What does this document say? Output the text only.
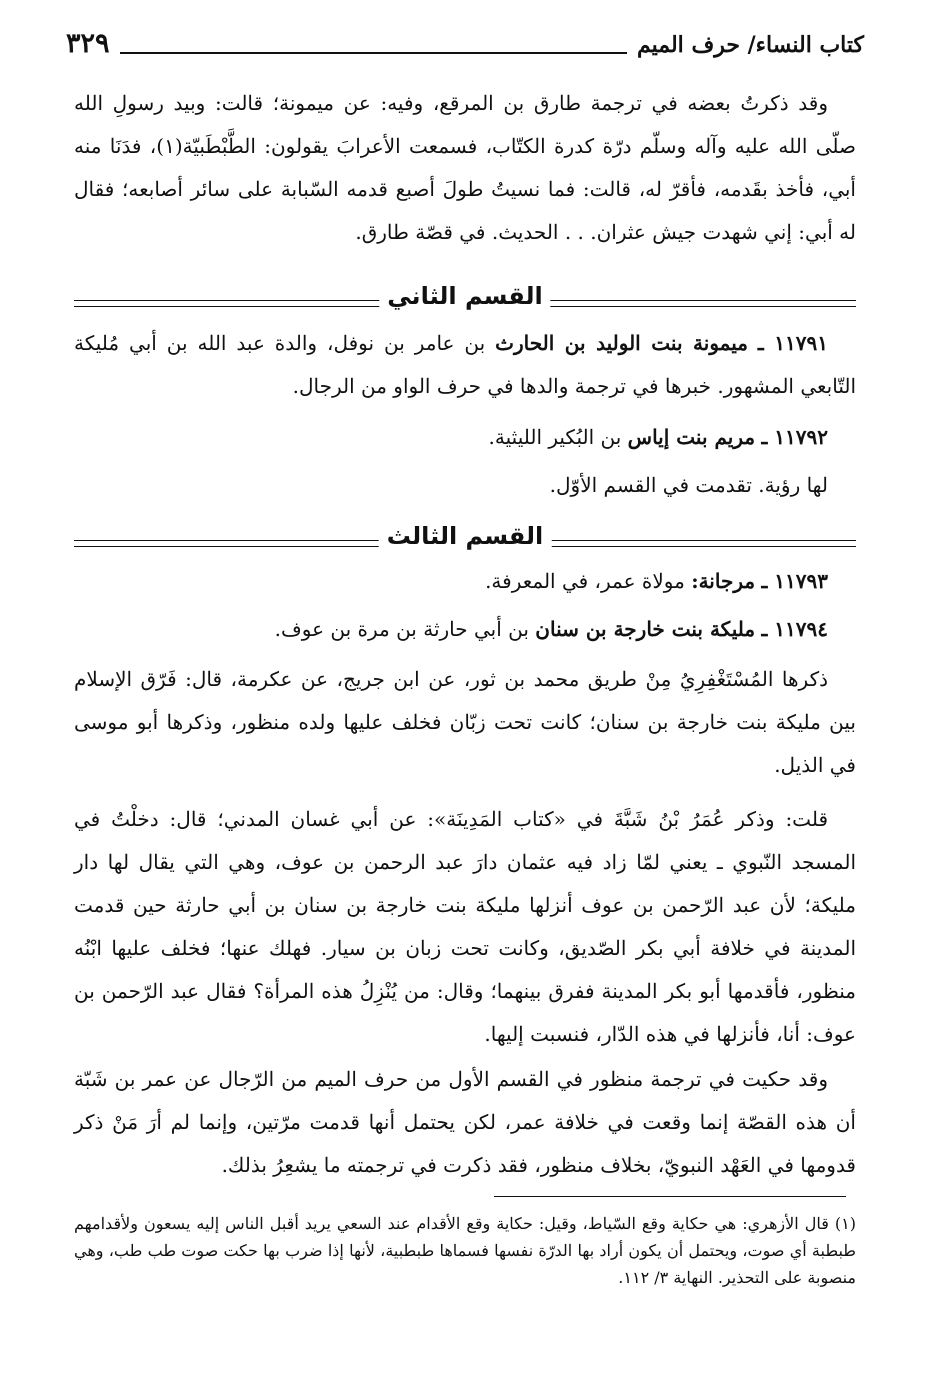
كتاب النساء/ حرف الميم
٣٢٩

وقد ذكرتُ بعضه في ترجمة طارق بن المرقع، وفيه: عن ميمونة؛ قالت: وبيد رسولِ الله صلّى الله عليه وآله وسلّم درّة كدرة الكتّاب، فسمعت الأعرابَ يقولون: الطَّبْطَبيّة(١)، فدَنَا منه أبي، فأخذ بقَدمه، فأقرّ له، قالت: فما نسيتُ طولَ أصبع قدمه السّبابة على سائر أصابعه؛ فقال له أبي: إني شهدت جيش عثران. . . الحديث. في قصّة طارق.

القسم الثاني

١١٧٩١ ـ ميمونة بنت الوليد بن الحارث بن عامر بن نوفل، والدة عبد الله بن أبي مُليكة التّابعي المشهور. خبرها في ترجمة والدها في حرف الواو من الرجال.

١١٧٩٢ ـ مريم بنت إياس بن البُكير الليثية.

لها رؤية. تقدمت في القسم الأوّل.

القسم الثالث

١١٧٩٣ ـ مرجانة: مولاة عمر، في المعرفة.

١١٧٩٤ ـ مليكة بنت خارجة بن سنان بن أبي حارثة بن مرة بن عوف.

ذكرها المُسْتَغْفِرِيُ مِنْ طريق محمد بن ثور، عن ابن جريج، عن عكرمة، قال: فَرّق الإسلام بين مليكة بنت خارجة بن سنان؛ كانت تحت زبّان فخلف عليها ولده منظور، وذكرها أبو موسى في الذيل.

قلت: وذكر عُمَرُ بْنُ شَبَّةَ في «كتاب المَدِينَة»: عن أبي غسان المدني؛ قال: دخلْتُ في المسجد النّبوي ـ يعني لمّا زاد فيه عثمان دارَ عبد الرحمن بن عوف، وهي التي يقال لها دار مليكة؛ لأن عبد الرّحمن بن عوف أنزلها مليكة بنت خارجة بن سنان بن أبي حارثة حين قدمت المدينة في خلافة أبي بكر الصّديق، وكانت تحت زبان بن سيار. فهلك عنها؛ فخلف عليها ابْنُه منظور، فأقدمها أبو بكر المدينة ففرق بينهما؛ وقال: من يُنْزِلُ هذه المرأة؟ فقال عبد الرّحمن بن عوف: أنا، فأنزلها في هذه الدّار، فنسبت إليها.

وقد حكيت في ترجمة منظور في القسم الأول من حرف الميم من الرّجال عن عمر بن شَبّة أن هذه القصّة إنما وقعت في خلافة عمر، لكن يحتمل أنها قدمت مرّتين، وإنما لم أرَ مَنْ ذكر قدومها في العَهْد النبويّ، بخلاف منظور، فقد ذكرت في ترجمته ما يشعِرُ بذلك.

(١) قال الأزهري: هي حكاية وقع السّياط، وقيل: حكاية وقع الأقدام عند السعي يريد أقبل الناس إليه يسعون ولأقدامهم طبطبة أي صوت، ويحتمل أن يكون أراد بها الدرّة نفسها فسماها طبطبية، لأنها إذا ضرب بها حكت صوت طب طب، وهي منصوبة على التحذير. النهاية ٣/ ١١٢.
